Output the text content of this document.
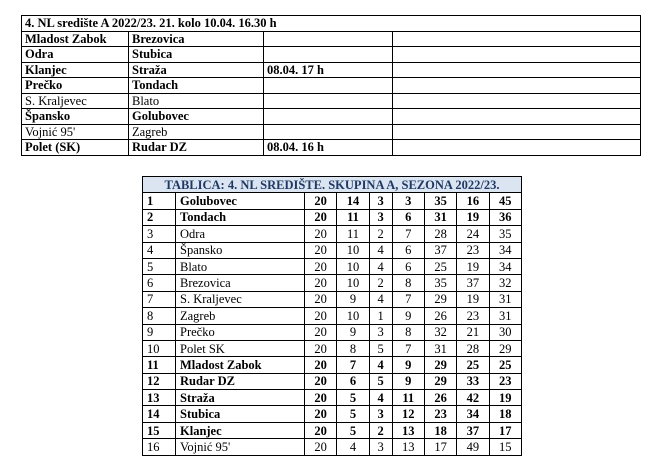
4. NL središte A 2022/23. 21. kolo 10.04. 16.30 h			
Mladost Zabok	Brezovica		
Odra	Stubica		
Klanjec	Straža	08.04. 17 h	
Prečko	Tondach		
S. Kraljevec	Blato		
Špansko	Golubovec		
Vojnić 95'	Zagreb		
Polet (SK)	Rudar DZ	08.04. 16 h	
TABLICA: 4. NL SREDIŠTE. SKUPINA A, SEZONA 2022/23.								
1	Golubovec	20	14	3	3	35	16	45
2	Tondach	20	11	3	6	31	19	36
3	Odra	20	11	2	7	28	24	35
4	Špansko	20	10	4	6	37	23	34
5	Blato	20	10	4	6	25	19	34
6	Brezovica	20	10	2	8	35	37	32
7	S. Kraljevec	20	9	4	7	29	19	31
8	Zagreb	20	10	1	9	26	23	31
9	Prečko	20	9	3	8	32	21	30
10	Polet SK	20	8	5	7	31	28	29
11	Mladost Zabok	20	7	4	9	29	25	25
12	Rudar DZ	20	6	5	9	29	33	23
13	Straža	20	5	4	11	26	42	19
14	Stubica	20	5	3	12	23	34	18
15	Klanjec	20	5	2	13	18	37	17
16	Vojnić 95'	20	4	3	13	17	49	15
